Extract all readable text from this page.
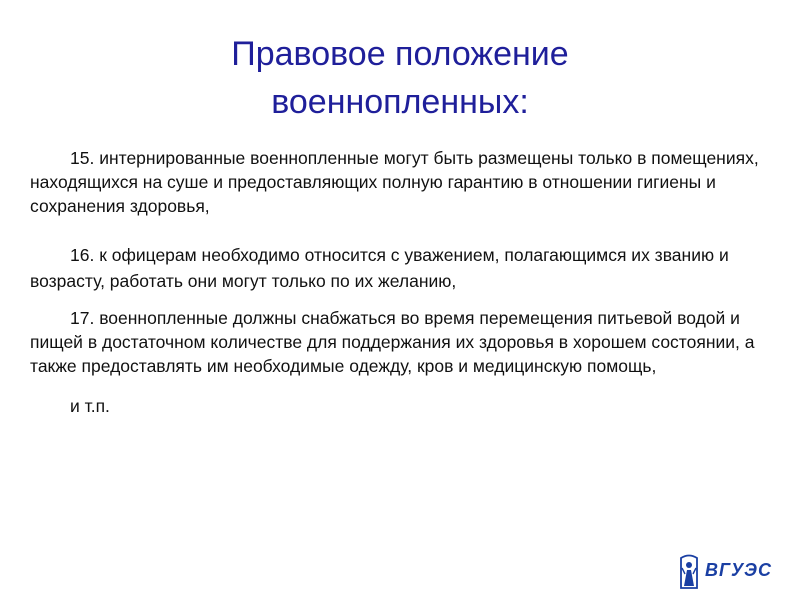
Правовое положение
военнопленных:

15. интернированные военнопленные могут быть размещены только в помещениях, находящихся на суше и предоставляющих полную гарантию в отношении гигиены и сохранения здоровья,

16. к офицерам необходимо относится с уважением, полагающимся их званию и возрасту, работать они могут только по их желанию,

17. военнопленные должны снабжаться во время перемещения питьевой водой и пищей в достаточном количестве для поддержания их здоровья в хорошем состоянии, а также предоставлять им необходимые одежду, кров и медицинскую помощь,

и т.п.

ВГУЭС
